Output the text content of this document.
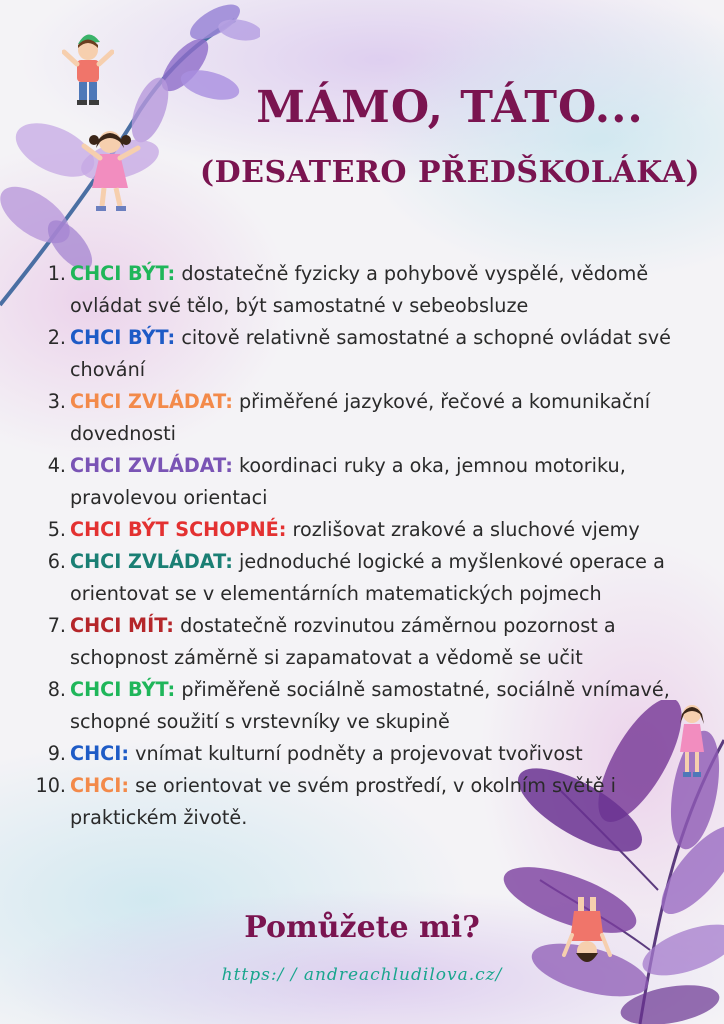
MÁMO, TÁTO...
(DESATERO PŘEDŠKOLÁKA)
1. CHCI BÝT: dostatečně fyzicky a pohybově vyspělé, vědomě ovládat své tělo, být samostatné v sebeobsluze
2. CHCI BÝT: citově relativně samostatné a schopné ovládat své chování
3. CHCI ZVLÁDAT: přiměřené jazykové, řečové a komunikační dovednosti
4. CHCI ZVLÁDAT: koordinaci ruky a oka, jemnou motoriku, pravolevou orientaci
5. CHCI BÝT SCHOPNÉ: rozlišovat zrakové a sluchové vjemy
6. CHCI ZVLÁDAT: jednoduché logické a myšlenkové operace a orientovat se v elementárních matematických pojmech
7. CHCI MÍT: dostatečně rozvinutou záměrnou pozornost a schopnost záměrně si zapamatovat a vědomě se učit
8. CHCI BÝT: přiměřeně sociálně samostatné, sociálně vnímavé, schopné soužití s vrstevníky ve skupině
9. CHCI: vnímat kulturní podněty a projevovat tvořivost
10. CHCI: se orientovat ve svém prostředí, v okolním světě i praktickém životě.
Pomůžete mi?
https:/ / andreachludilova.cz/
